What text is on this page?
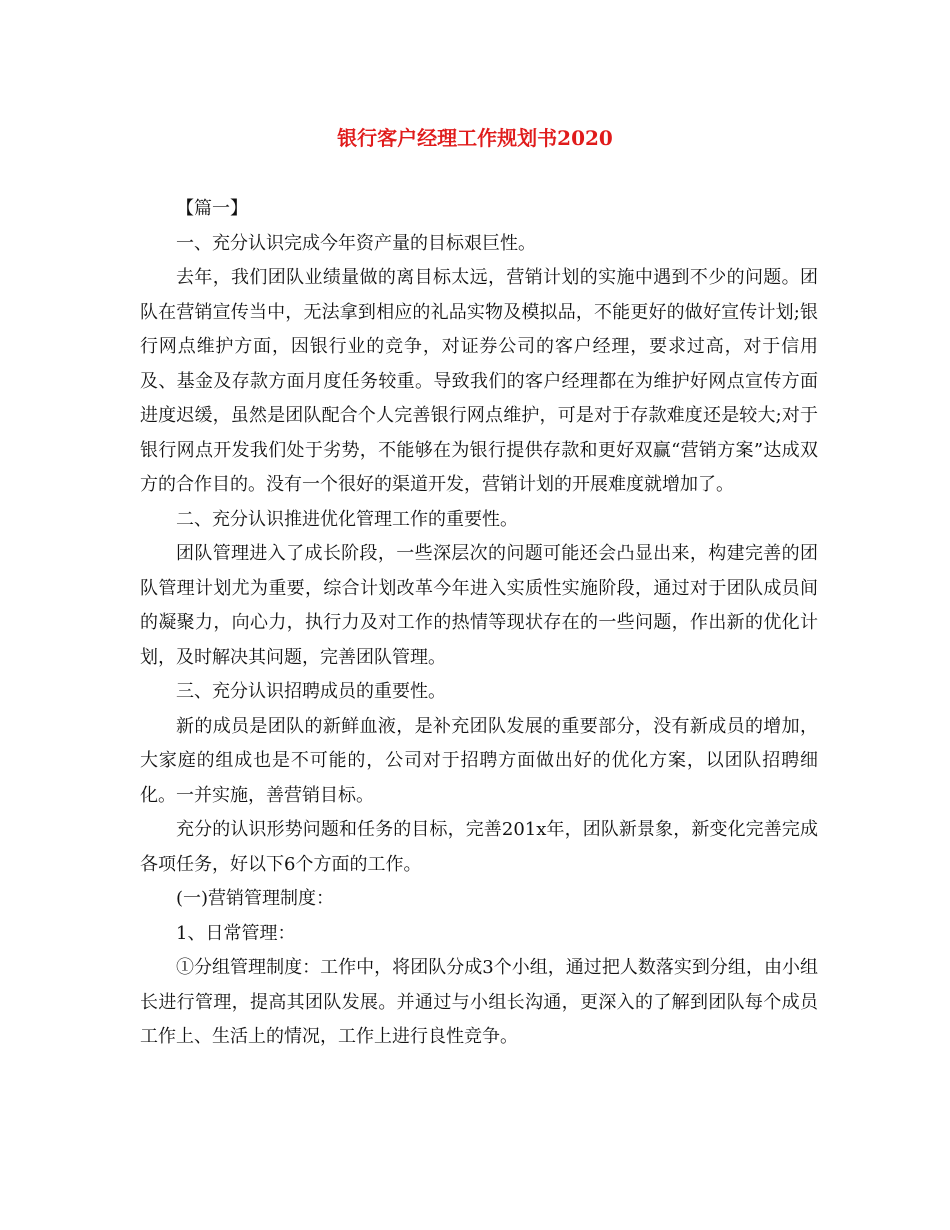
银行客户经理工作规划书2020

【篇一】

一、充分认识完成今年资产量的目标艰巨性。

去年，我们团队业绩量做的离目标太远，营销计划的实施中遇到不少的问题。团队在营销宣传当中，无法拿到相应的礼品实物及模拟品，不能更好的做好宣传计划;银行网点维护方面，因银行业的竞争，对证券公司的客户经理，要求过高，对于信用及、基金及存款方面月度任务较重。导致我们的客户经理都在为维护好网点宣传方面进度迟缓，虽然是团队配合个人完善银行网点维护，可是对于存款难度还是较大;对于银行网点开发我们处于劣势，不能够在为银行提供存款和更好双赢“营销方案”达成双方的合作目的。没有一个很好的渠道开发，营销计划的开展难度就增加了。

二、充分认识推进优化管理工作的重要性。

团队管理进入了成长阶段，一些深层次的问题可能还会凸显出来，构建完善的团队管理计划尤为重要，综合计划改革今年进入实质性实施阶段，通过对于团队成员间的凝聚力，向心力，执行力及对工作的热情等现状存在的一些问题，作出新的优化计划，及时解决其问题，完善团队管理。

三、充分认识招聘成员的重要性。

新的成员是团队的新鲜血液，是补充团队发展的重要部分，没有新成员的增加，大家庭的组成也是不可能的，公司对于招聘方面做出好的优化方案，以团队招聘细化。一并实施，善营销目标。

充分的认识形势问题和任务的目标，完善201x年，团队新景象，新变化完善完成各项任务，好以下6个方面的工作。

(一)营销管理制度：

1、日常管理：

①分组管理制度：工作中，将团队分成3个小组，通过把人数落实到分组，由小组长进行管理，提高其团队发展。并通过与小组长沟通，更深入的了解到团队每个成员工作上、生活上的情况，工作上进行良性竞争。
